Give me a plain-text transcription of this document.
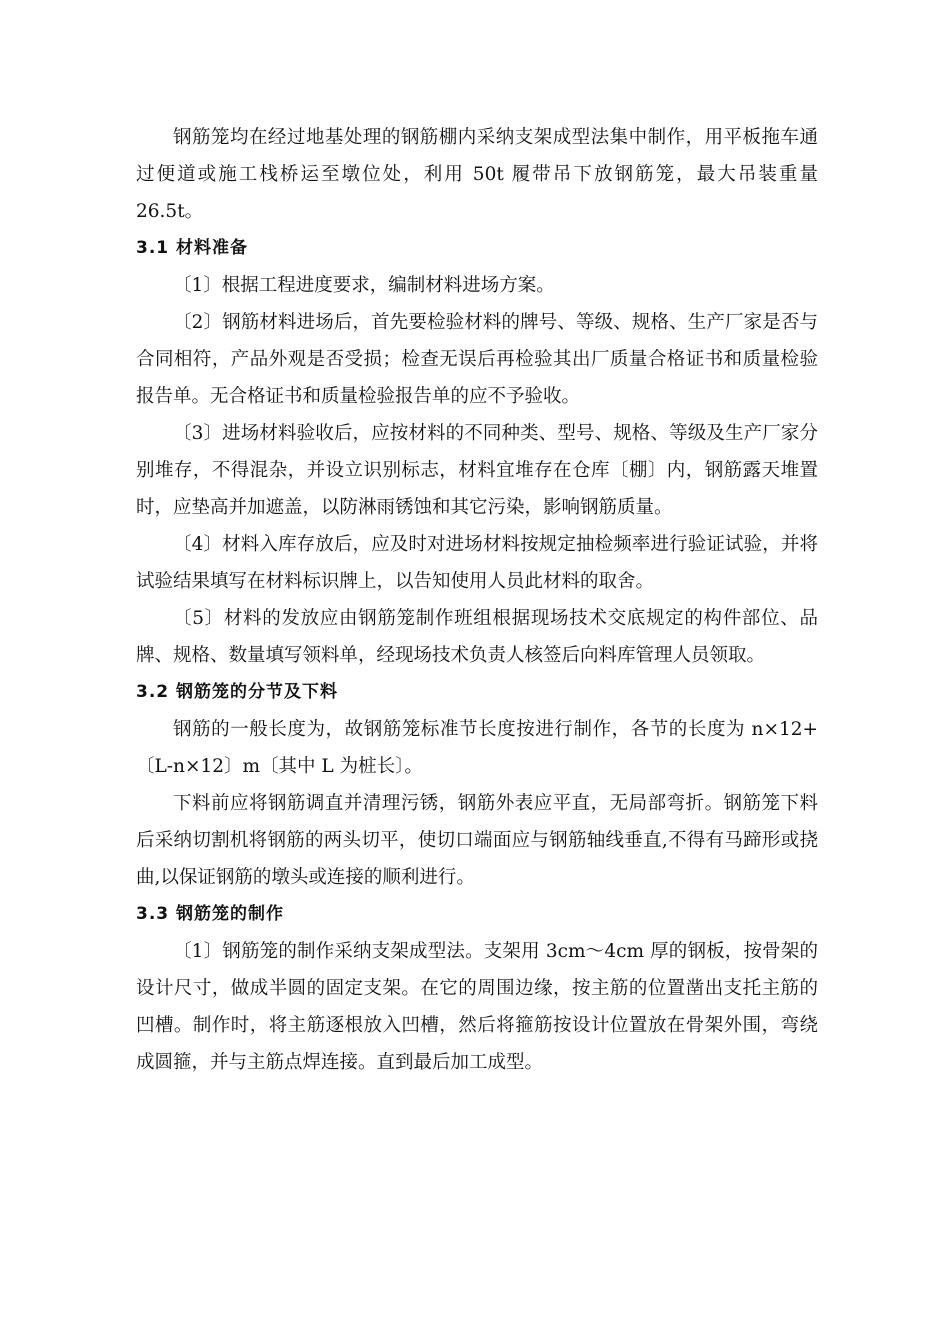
钢筋笼均在经过地基处理的钢筋棚内采纳支架成型法集中制作，用平板拖车通过便道或施工栈桥运至墩位处，利用 50t 履带吊下放钢筋笼，最大吊装重量 26.5t。

3.1 材料准备

〔1〕根据工程进度要求，编制材料进场方案。

〔2〕钢筋材料进场后，首先要检验材料的牌号、等级、规格、生产厂家是否与合同相符，产品外观是否受损；检查无误后再检验其出厂质量合格证书和质量检验报告单。无合格证书和质量检验报告单的应不予验收。

〔3〕进场材料验收后，应按材料的不同种类、型号、规格、等级及生产厂家分别堆存，不得混杂，并设立识别标志，材料宜堆存在仓库〔棚〕内，钢筋露天堆置时，应垫高并加遮盖，以防淋雨锈蚀和其它污染，影响钢筋质量。

〔4〕材料入库存放后，应及时对进场材料按规定抽检频率进行验证试验，并将试验结果填写在材料标识牌上，以告知使用人员此材料的取舍。

〔5〕材料的发放应由钢筋笼制作班组根据现场技术交底规定的构件部位、品牌、规格、数量填写领料单，经现场技术负责人核签后向料库管理人员领取。

3.2 钢筋笼的分节及下料

钢筋的一般长度为，故钢筋笼标准节长度按进行制作，各节的长度为 n×12+〔L-n×12〕m〔其中 L 为桩长〕。

下料前应将钢筋调直并清理污锈，钢筋外表应平直，无局部弯折。钢筋笼下料后采纳切割机将钢筋的两头切平，使切口端面应与钢筋轴线垂直,不得有马蹄形或挠曲,以保证钢筋的墩头或连接的顺利进行。

3.3 钢筋笼的制作

〔1〕钢筋笼的制作采纳支架成型法。支架用 3cm～4cm 厚的钢板，按骨架的设计尺寸，做成半圆的固定支架。在它的周围边缘，按主筋的位置凿出支托主筋的凹槽。制作时，将主筋逐根放入凹槽，然后将箍筋按设计位置放在骨架外围，弯绕成圆箍，并与主筋点焊连接。直到最后加工成型。
